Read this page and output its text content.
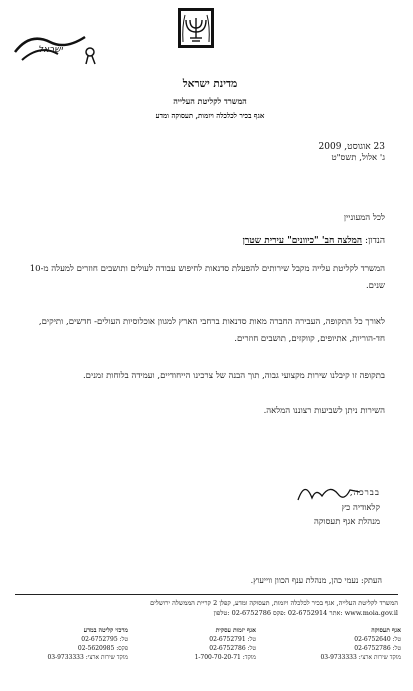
ישראל
מדינת ישראל
המשרד לקליטת העלייה
אגף בכיר לכלכלה ויזמות, תעסוקה ומדע
23 אוגוסט, 2009
ג' אלול, תשס"ט
לכל המעוניין
הנדון: המלצה חב' "כיוונים" עירית שטרן
המשרד לקליטת עלייה מקבל שירותים להפעלת סדנאות לחיפוש עבודה לעולים ותושבים חוזרים למעלה מ-10 שנים.
לאורך כל התקופה, העבירה החברה מאות סדנאות ברחבי הארץ למגוון אוכלוסיות העולים- חדשים, ותיקים, חד-הוריות, אתיופים, קווקזים, תושבים חוזרים.
בתקופה זו קיבלנו שירות מקצועי גבוה, תוך הבנה של צרכינו הייחודיים, ועמידה בלוחות זמנים.
השירות ניתן לשביעות רצוננו המלאה.
בברכה,
קלאודיה כץ
מנהלת אגף תעסוקה
העתק: נעמי כהן, מנהלת ענף הכוון ווייעוץ.
המשרד לקליטת העלייה, אגף בכיר לכלכלה ויזמות, תעסוקה ומדע, קפלן 2 קריית הממשלה ירושלים
www.moia.gov.il :אתר 02-6752914 :פקס 02-6752786 :טלפון
אגף תעסוקה
טל: 02-6752640
טל: 02-6752786
מוקד שירות ארצי: 03-9733333
אגף יזמות עסקית
טל: 02-6752791
טל: 02-6752786
מוקד: 1-700-70-20-71
מרכזי קליטה במדע
טל: 02-6752795
פקס: 02-5620985
מוקד שירות ארצי: 03-9733333
